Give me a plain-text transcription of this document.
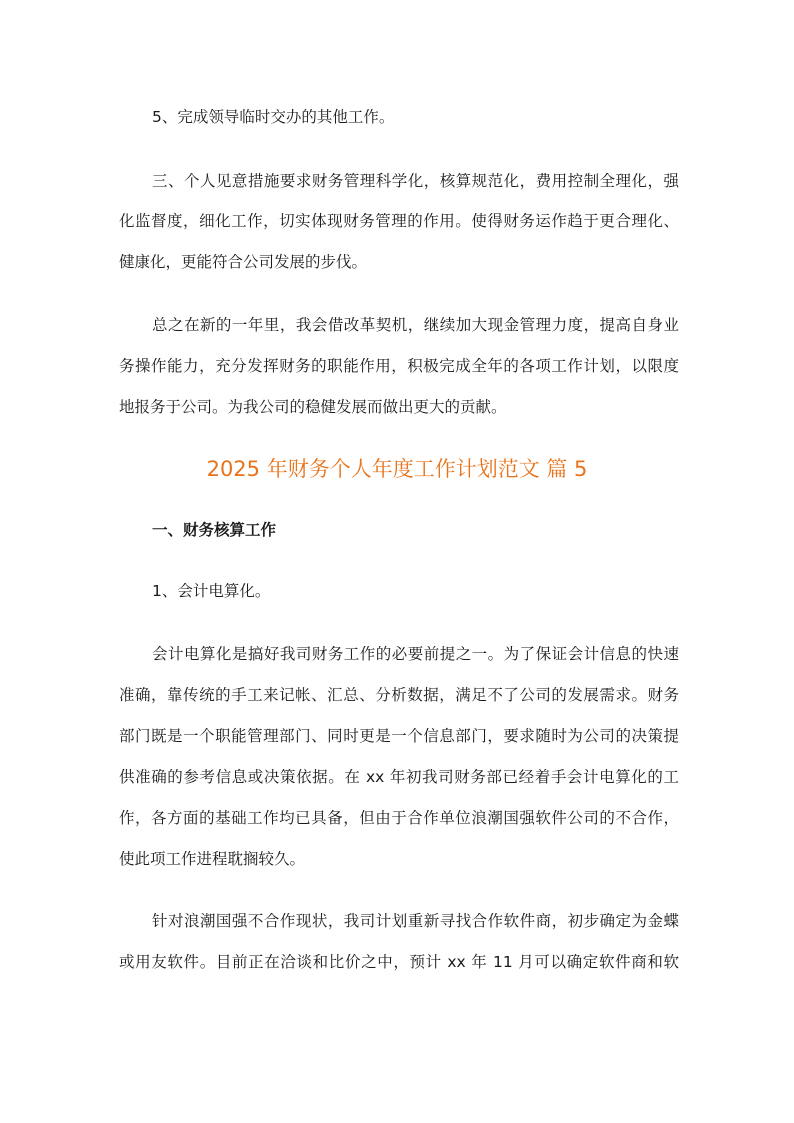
5、完成领导临时交办的其他工作。
三、个人见意措施要求财务管理科学化，核算规范化，费用控制全理化，强
化监督度，细化工作，切实体现财务管理的作用。使得财务运作趋于更合理化、
健康化，更能符合公司发展的步伐。
总之在新的一年里，我会借改革契机，继续加大现金管理力度，提高自身业
务操作能力，充分发挥财务的职能作用，积极完成全年的各项工作计划，以限度
地报务于公司。为我公司的稳健发展而做出更大的贡献。
2025 年财务个人年度工作计划范文 篇 5
一、财务核算工作
1、会计电算化。
会计电算化是搞好我司财务工作的必要前提之一。为了保证会计信息的快速
准确，靠传统的手工来记帐、汇总、分析数据，满足不了公司的发展需求。财务
部门既是一个职能管理部门、同时更是一个信息部门，要求随时为公司的决策提
供准确的参考信息或决策依据。在 xx 年初我司财务部已经着手会计电算化的工
作，各方面的基础工作均已具备，但由于合作单位浪潮国强软件公司的不合作，
使此项工作进程耽搁较久。
针对浪潮国强不合作现状，我司计划重新寻找合作软件商，初步确定为金蝶
或用友软件。目前正在洽谈和比价之中，预计 xx 年 11 月可以确定软件商和软
